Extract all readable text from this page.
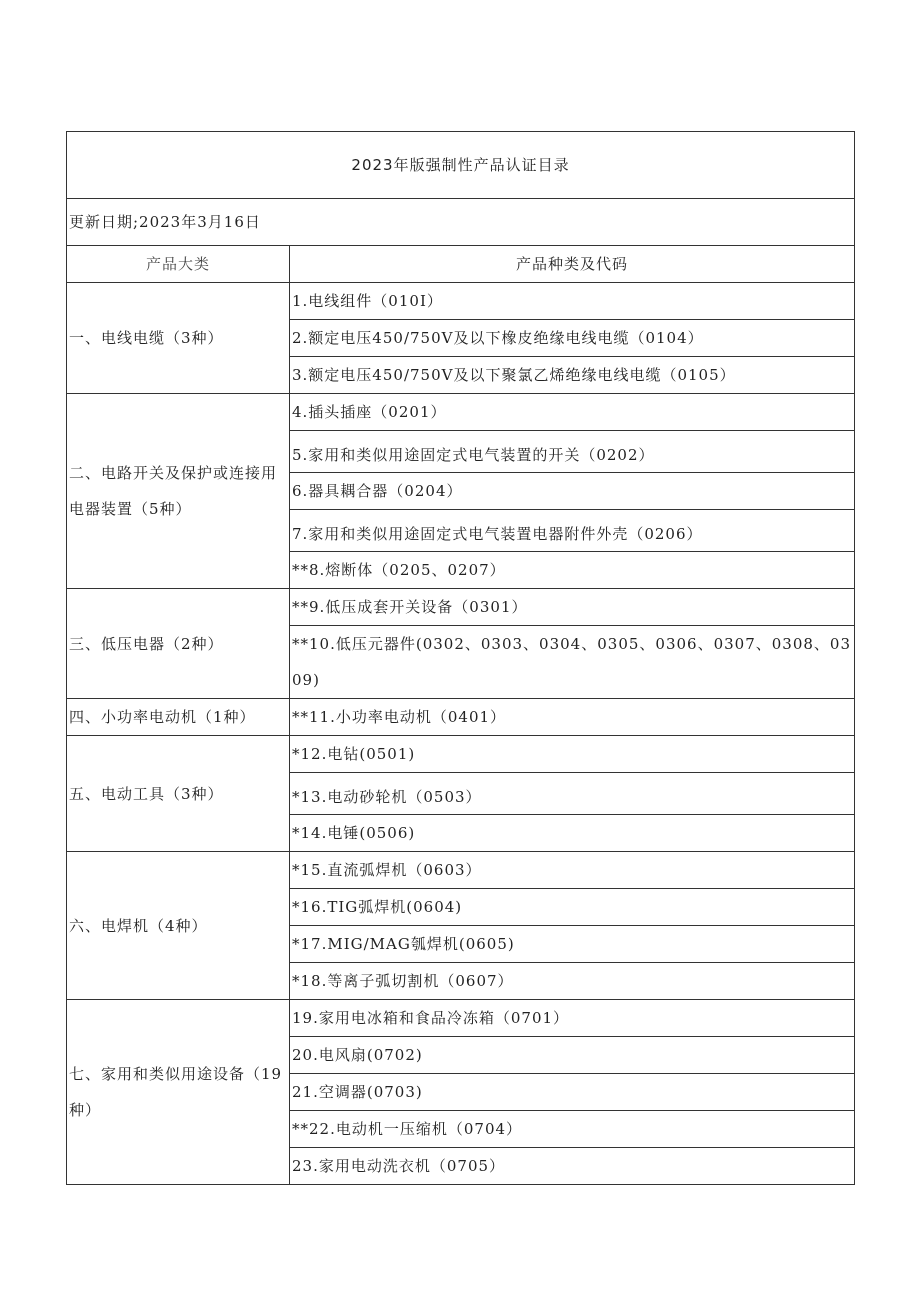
2023年版强制性产品认证目录	
更新日期;2023年3月16日	
产品大类	产品种类及代码
一、电线电缆（3种）	1.电线组件（010I）
	2.额定电压450/750V及以下橡皮绝缘电线电缆（0104）
	3.额定电压450/750V及以下聚氯乙烯绝缘电线电缆（0105）
二、电路开关及保护或连接用电器装置（5种）	4.插头插座（0201）
	5.家用和类似用途固定式电气装置的开关（0202）
	6.器具耦合器（0204）
	7.家用和类似用途固定式电气装置电器附件外壳（0206）
	**8.熔断体（0205、0207）
三、低压电器（2种）	**9.低压成套开关设备（0301）
	**10.低压元器件(0302、0303、0304、0305、0306、0307、0308、0309)
四、小功率电动机（1种）	**11.小功率电动机（0401）
五、电动工具（3种）	*12.电钻(0501)
	*13.电动砂轮机（0503）
	*14.电锤(0506)
六、电焊机（4种）	*15.直流弧焊机（0603）
	*16.TIG弧焊机(0604)
	*17.MIG/MAG瓠焊机(0605)
	*18.等离子弧切割机（0607）
七、家用和类似用途设备（19种）	19.家用电冰箱和食品冷冻箱（0701）
	20.电风扇(0702)
	21.空调器(0703)
	**22.电动机一压缩机（0704）
	23.家用电动洗衣机（0705）
